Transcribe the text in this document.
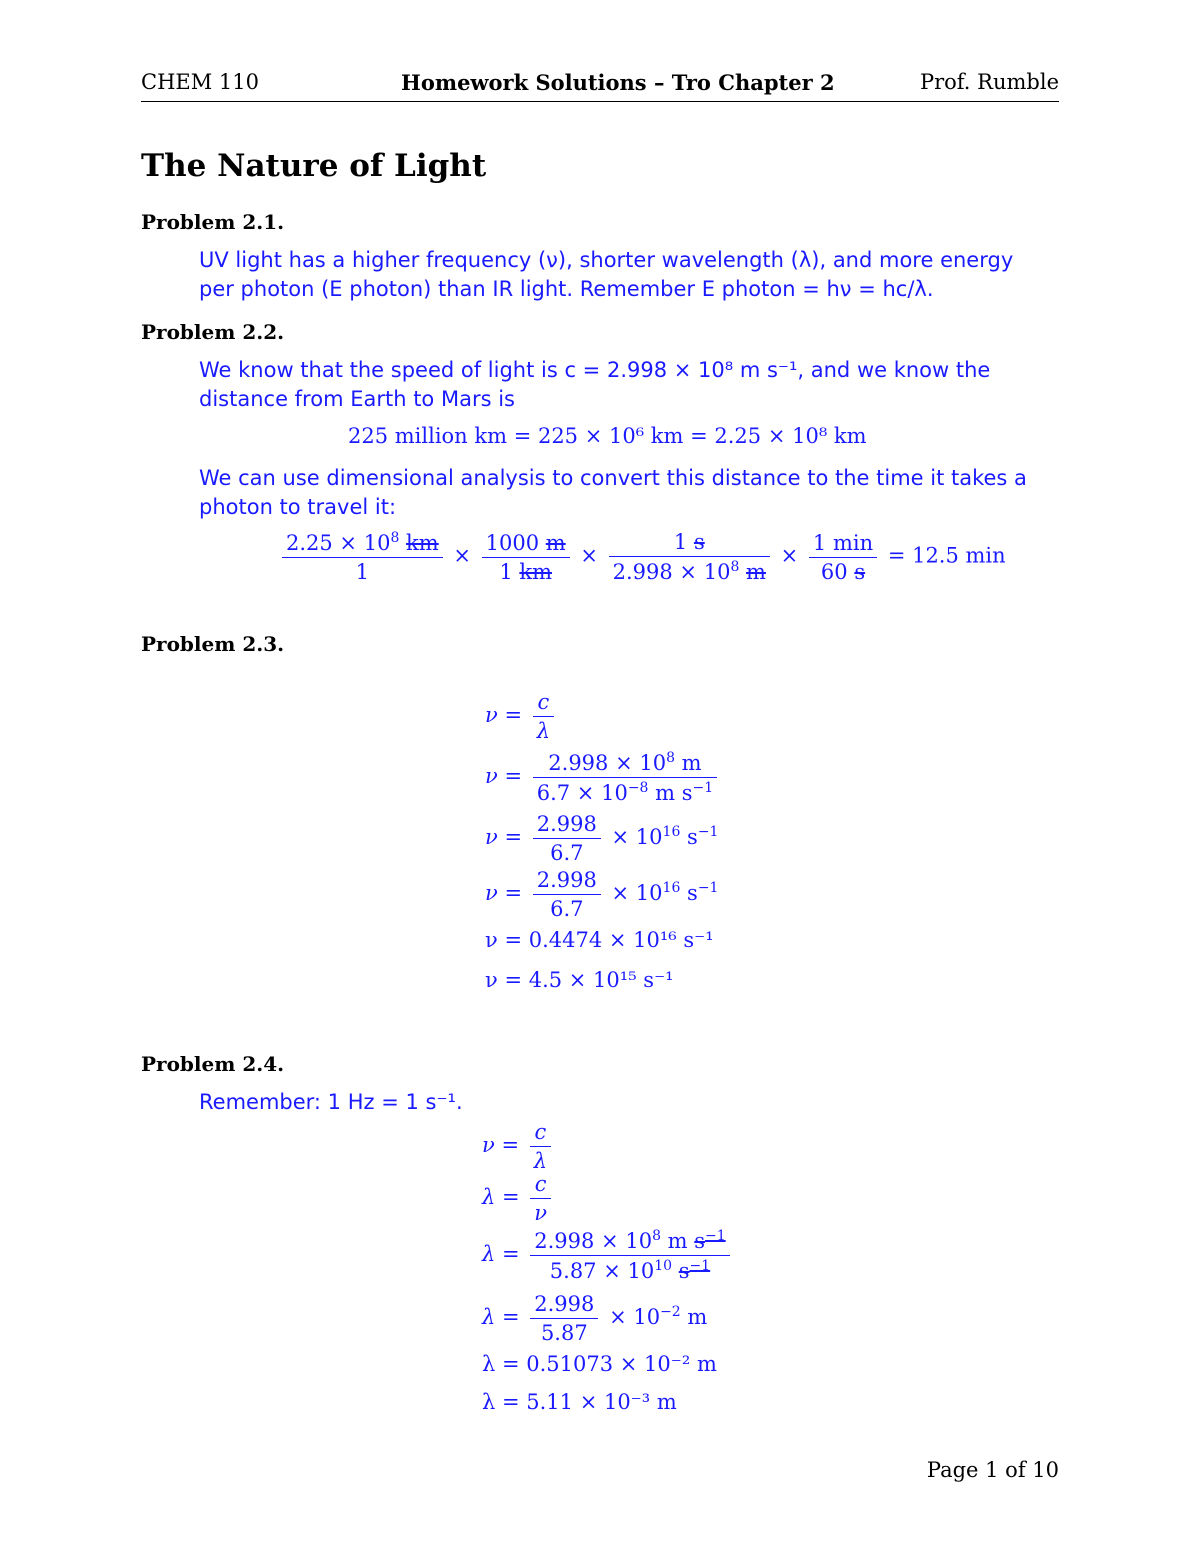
CHEM 110	Homework Solutions – Tro Chapter 2	Prof. Rumble
The Nature of Light
Problem 2.1.
UV light has a higher frequency (ν), shorter wavelength (λ), and more energy
per photon (E photon) than IR light. Remember E photon = hν = hc/λ.
Problem 2.2.
We know that the speed of light is c = 2.998 × 10⁸ m s⁻¹, and we know the
distance from Earth to Mars is
225 million km = 225 × 10⁶ km = 2.25 × 10⁸ km
We can use dimensional analysis to convert this distance to the time it takes a
photon to travel it:
$\frac{2.25 \times 10^8 km}{1} \times \frac{1000 m}{1 km} \times \frac{1 s}{2.998 \times 10^8 m} \times \frac{1 \min}{60 s} = 12.5$ min
Problem 2.3.
$\nu = \frac{c}{\lambda}$
$\nu = \frac{2.998 \times 10^8 m}{6.7 \times 10^{-8} m s^{-1}}$
$\nu = \frac{2.998}{6.7} \times 10^{16}$ $s^{-1}$
$\nu = \frac{2.998}{6.7} \times 10^{16}$ $s^{-1}$
ν = 0.4474 × 10¹⁶ s⁻¹
ν = 4.5 × 10¹⁵ s⁻¹
Problem 2.4.
Remember: 1 Hz = 1 s⁻¹.
$\nu = \frac{c}{\lambda}$
$\lambda = \frac{c}{\nu}$
$\lambda = \frac{2.998 \times 10^8 m s^{-1}}{5.87 \times 10^{10} s^{-1}}$
$\lambda = \frac{2.998}{5.87} \times 10^{-2}$ m
λ = 0.51073 × 10⁻² m
λ = 5.11 × 10⁻³ m
Page 1 of 10
